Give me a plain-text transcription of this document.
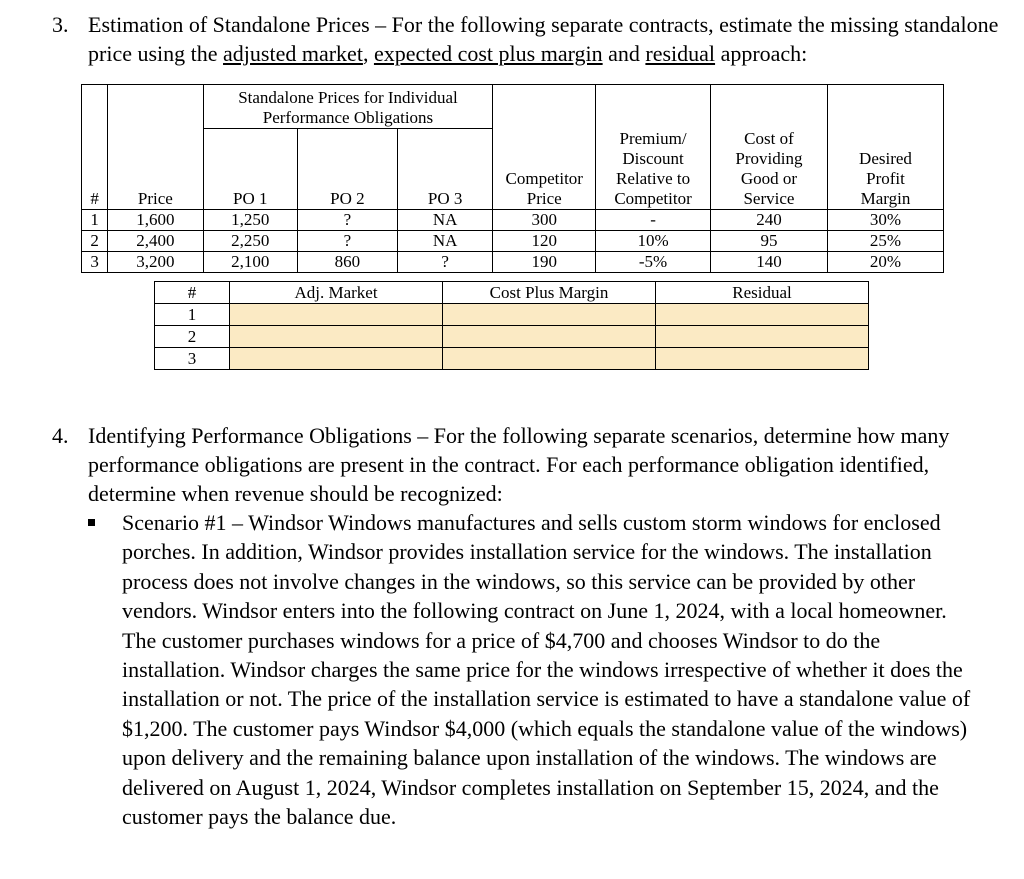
3. Estimation of Standalone Prices – For the following separate contracts, estimate the missing standalone price using the adjusted market, expected cost plus margin and residual approach:
		Standalone Prices for Individual Performance Obligations						
#	Price	PO 1	PO 2	PO 3	Competitor Price	Premium/ Discount Relative to Competitor	Cost of Providing Good or Service	Desired Profit Margin
1	1,600	1,250	?	NA	300	-	240	30%
2	2,400	2,250	?	NA	120	10%	95	25%
3	3,200	2,100	860	?	190	-5%	140	20%
#	Adj. Market	Cost Plus Margin	Residual
1			
2			
3			
4. Identifying Performance Obligations – For the following separate scenarios, determine how many performance obligations are present in the contract. For each performance obligation identified, determine when revenue should be recognized:
Scenario #1 – Windsor Windows manufactures and sells custom storm windows for enclosed porches. In addition, Windsor provides installation service for the windows. The installation process does not involve changes in the windows, so this service can be provided by other vendors. Windsor enters into the following contract on June 1, 2024, with a local homeowner. The customer purchases windows for a price of $4,700 and chooses Windsor to do the installation. Windsor charges the same price for the windows irrespective of whether it does the installation or not. The price of the installation service is estimated to have a standalone value of $1,200. The customer pays Windsor $4,000 (which equals the standalone value of the windows) upon delivery and the remaining balance upon installation of the windows. The windows are delivered on August 1, 2024, Windsor completes installation on September 15, 2024, and the customer pays the balance due.
